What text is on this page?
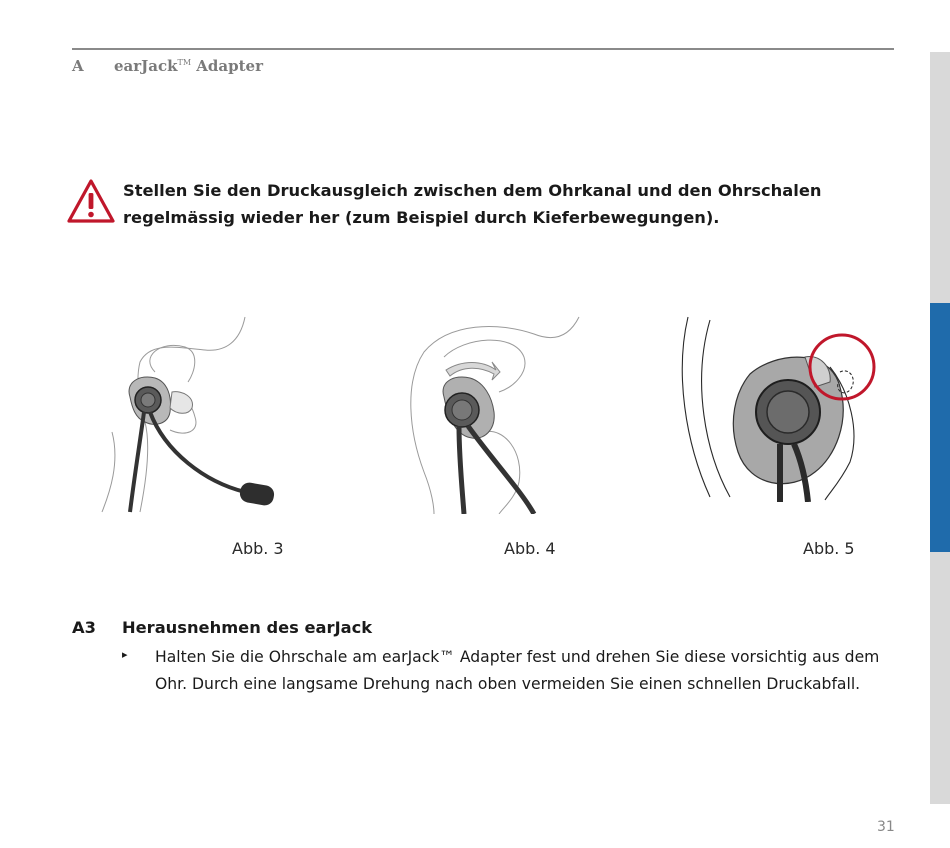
A earJack™ Adapter
Stellen Sie den Druckausgleich zwischen dem Ohrkanal und den Ohrschalen regelmässig wieder her (zum Beispiel durch Kieferbewegungen).
Abb. 3	Abb. 4	Abb. 5
A3 Herausnehmen des earJack
▸ Halten Sie die Ohrschale am earJack™ Adapter fest und drehen Sie diese vorsichtig aus dem Ohr. Durch eine langsame Drehung nach oben vermeiden Sie einen schnellen Druckabfall.
31
